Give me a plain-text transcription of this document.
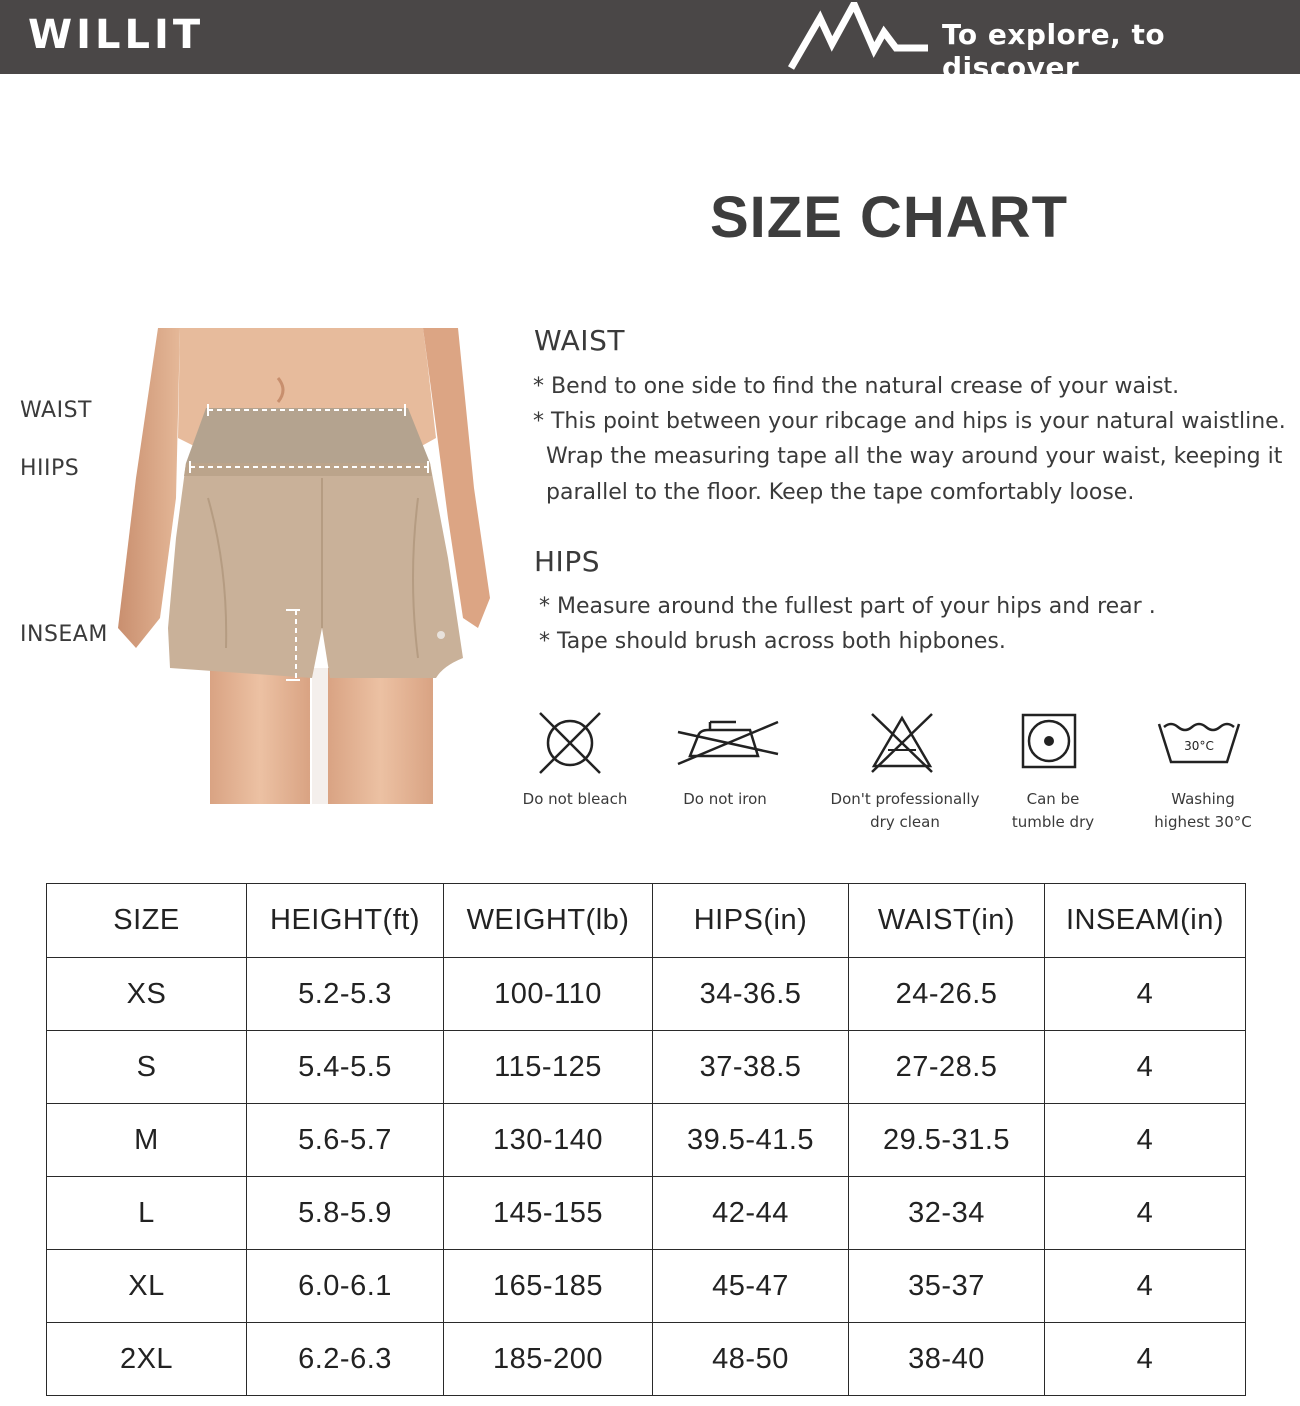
WILLIT	To explore, to discover
SIZE CHART
WAIST
HIIPS
INSEAM
WAIST
* Bend to one side to find the natural crease of your waist.
* This point between your ribcage and hips is your natural waistline.
Wrap the measuring tape all the way around your waist, keeping it
parallel to the floor. Keep the tape comfortably loose.
HIPS
* Measure around the fullest part of your hips and rear .
* Tape should brush across both hipbones.
30°C
Do not bleach	Do not iron	Don't professionally
dry clean
Can be
tumble dry
Washing
highest 30°C
SIZE	HEIGHT(ft)	WEIGHT(lb)	HIPS(in)	WAIST(in)	INSEAM(in)
XS	5.2-5.3	100-110	34-36.5	24-26.5	4
S	5.4-5.5	115-125	37-38.5	27-28.5	4
M	5.6-5.7	130-140	39.5-41.5	29.5-31.5	4
L	5.8-5.9	145-155	42-44	32-34	4
XL	6.0-6.1	165-185	45-47	35-37	4
2XL	6.2-6.3	185-200	48-50	38-40	4
